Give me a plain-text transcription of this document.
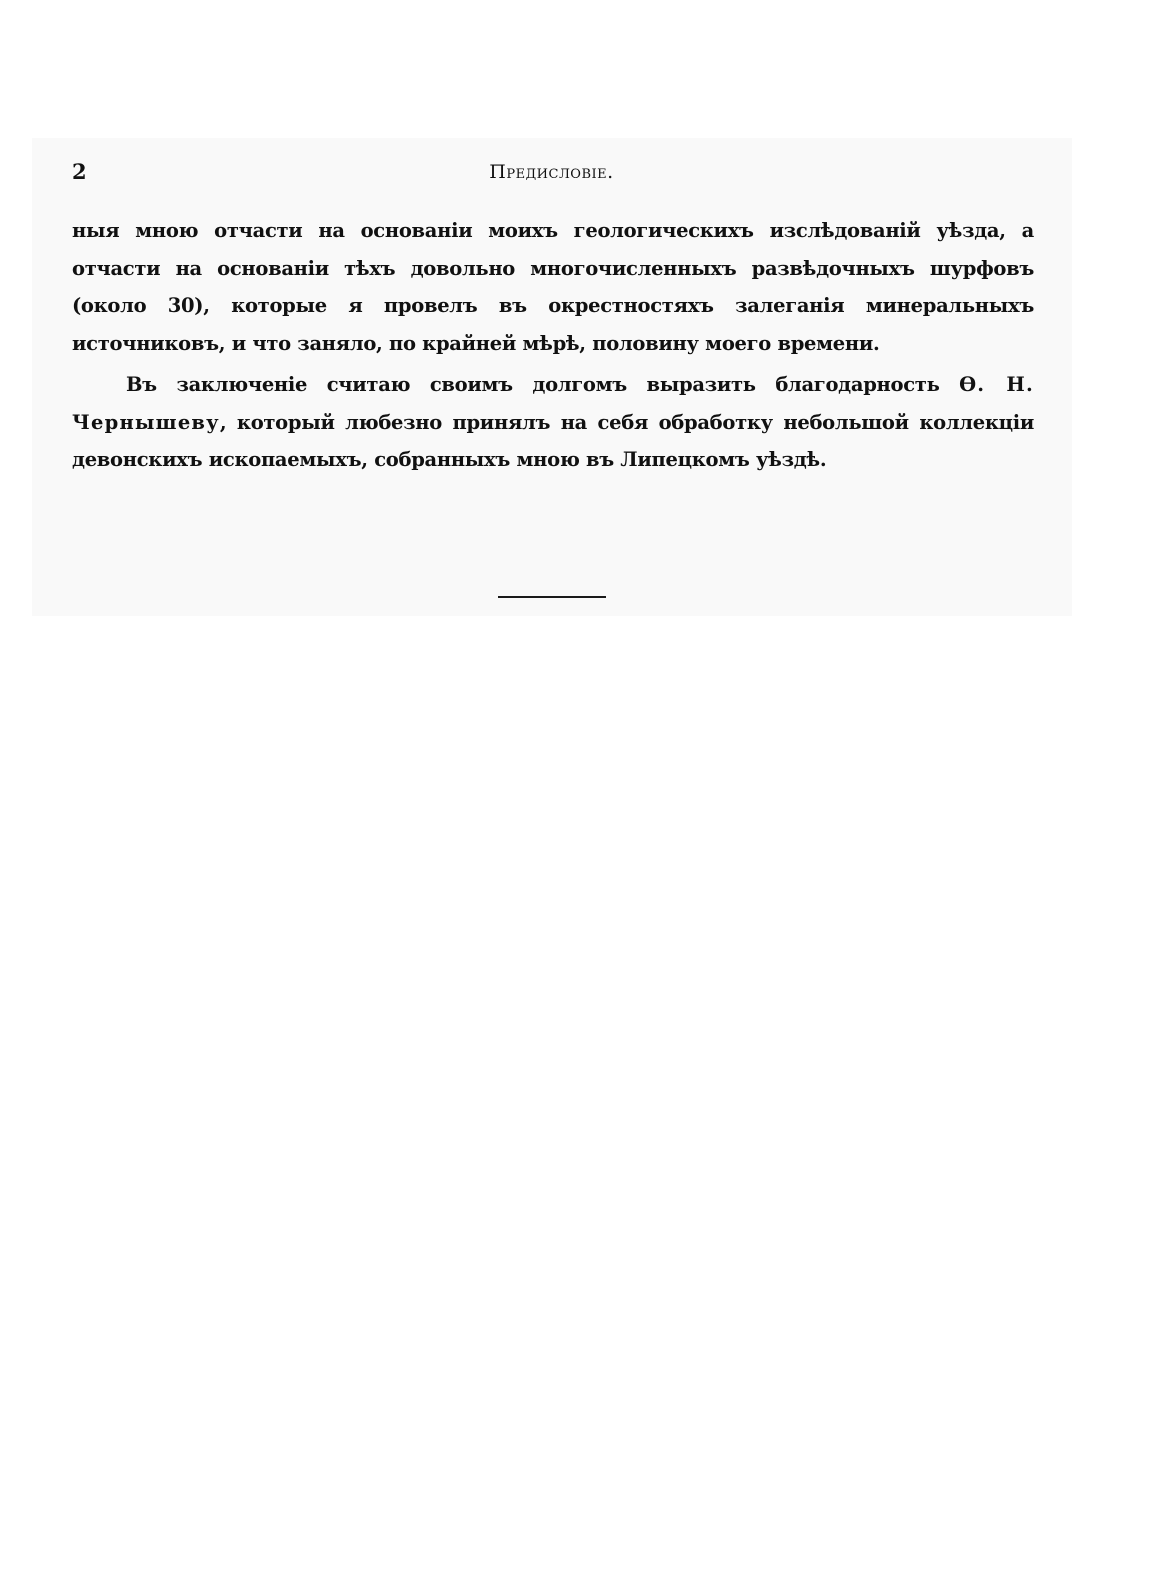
2	Предисловіе.

ныя мною отчасти на основаніи моихъ геологическихъ изслѣдованій уѣзда, а отчасти на основаніи тѣхъ довольно многочисленныхъ развѣдочныхъ шурфовъ (около 30), которые я провелъ въ окрестностяхъ залеганія минеральныхъ источниковъ, и что заняло, по крайней мѣрѣ, половину моего времени.

Въ заключеніе считаю своимъ долгомъ выразить благодарность Ѳ. Н. Чернышеву, который любезно принялъ на себя обработку небольшой коллекціи девонскихъ ископаемыхъ, собранныхъ мною въ Липецкомъ уѣздѣ.
